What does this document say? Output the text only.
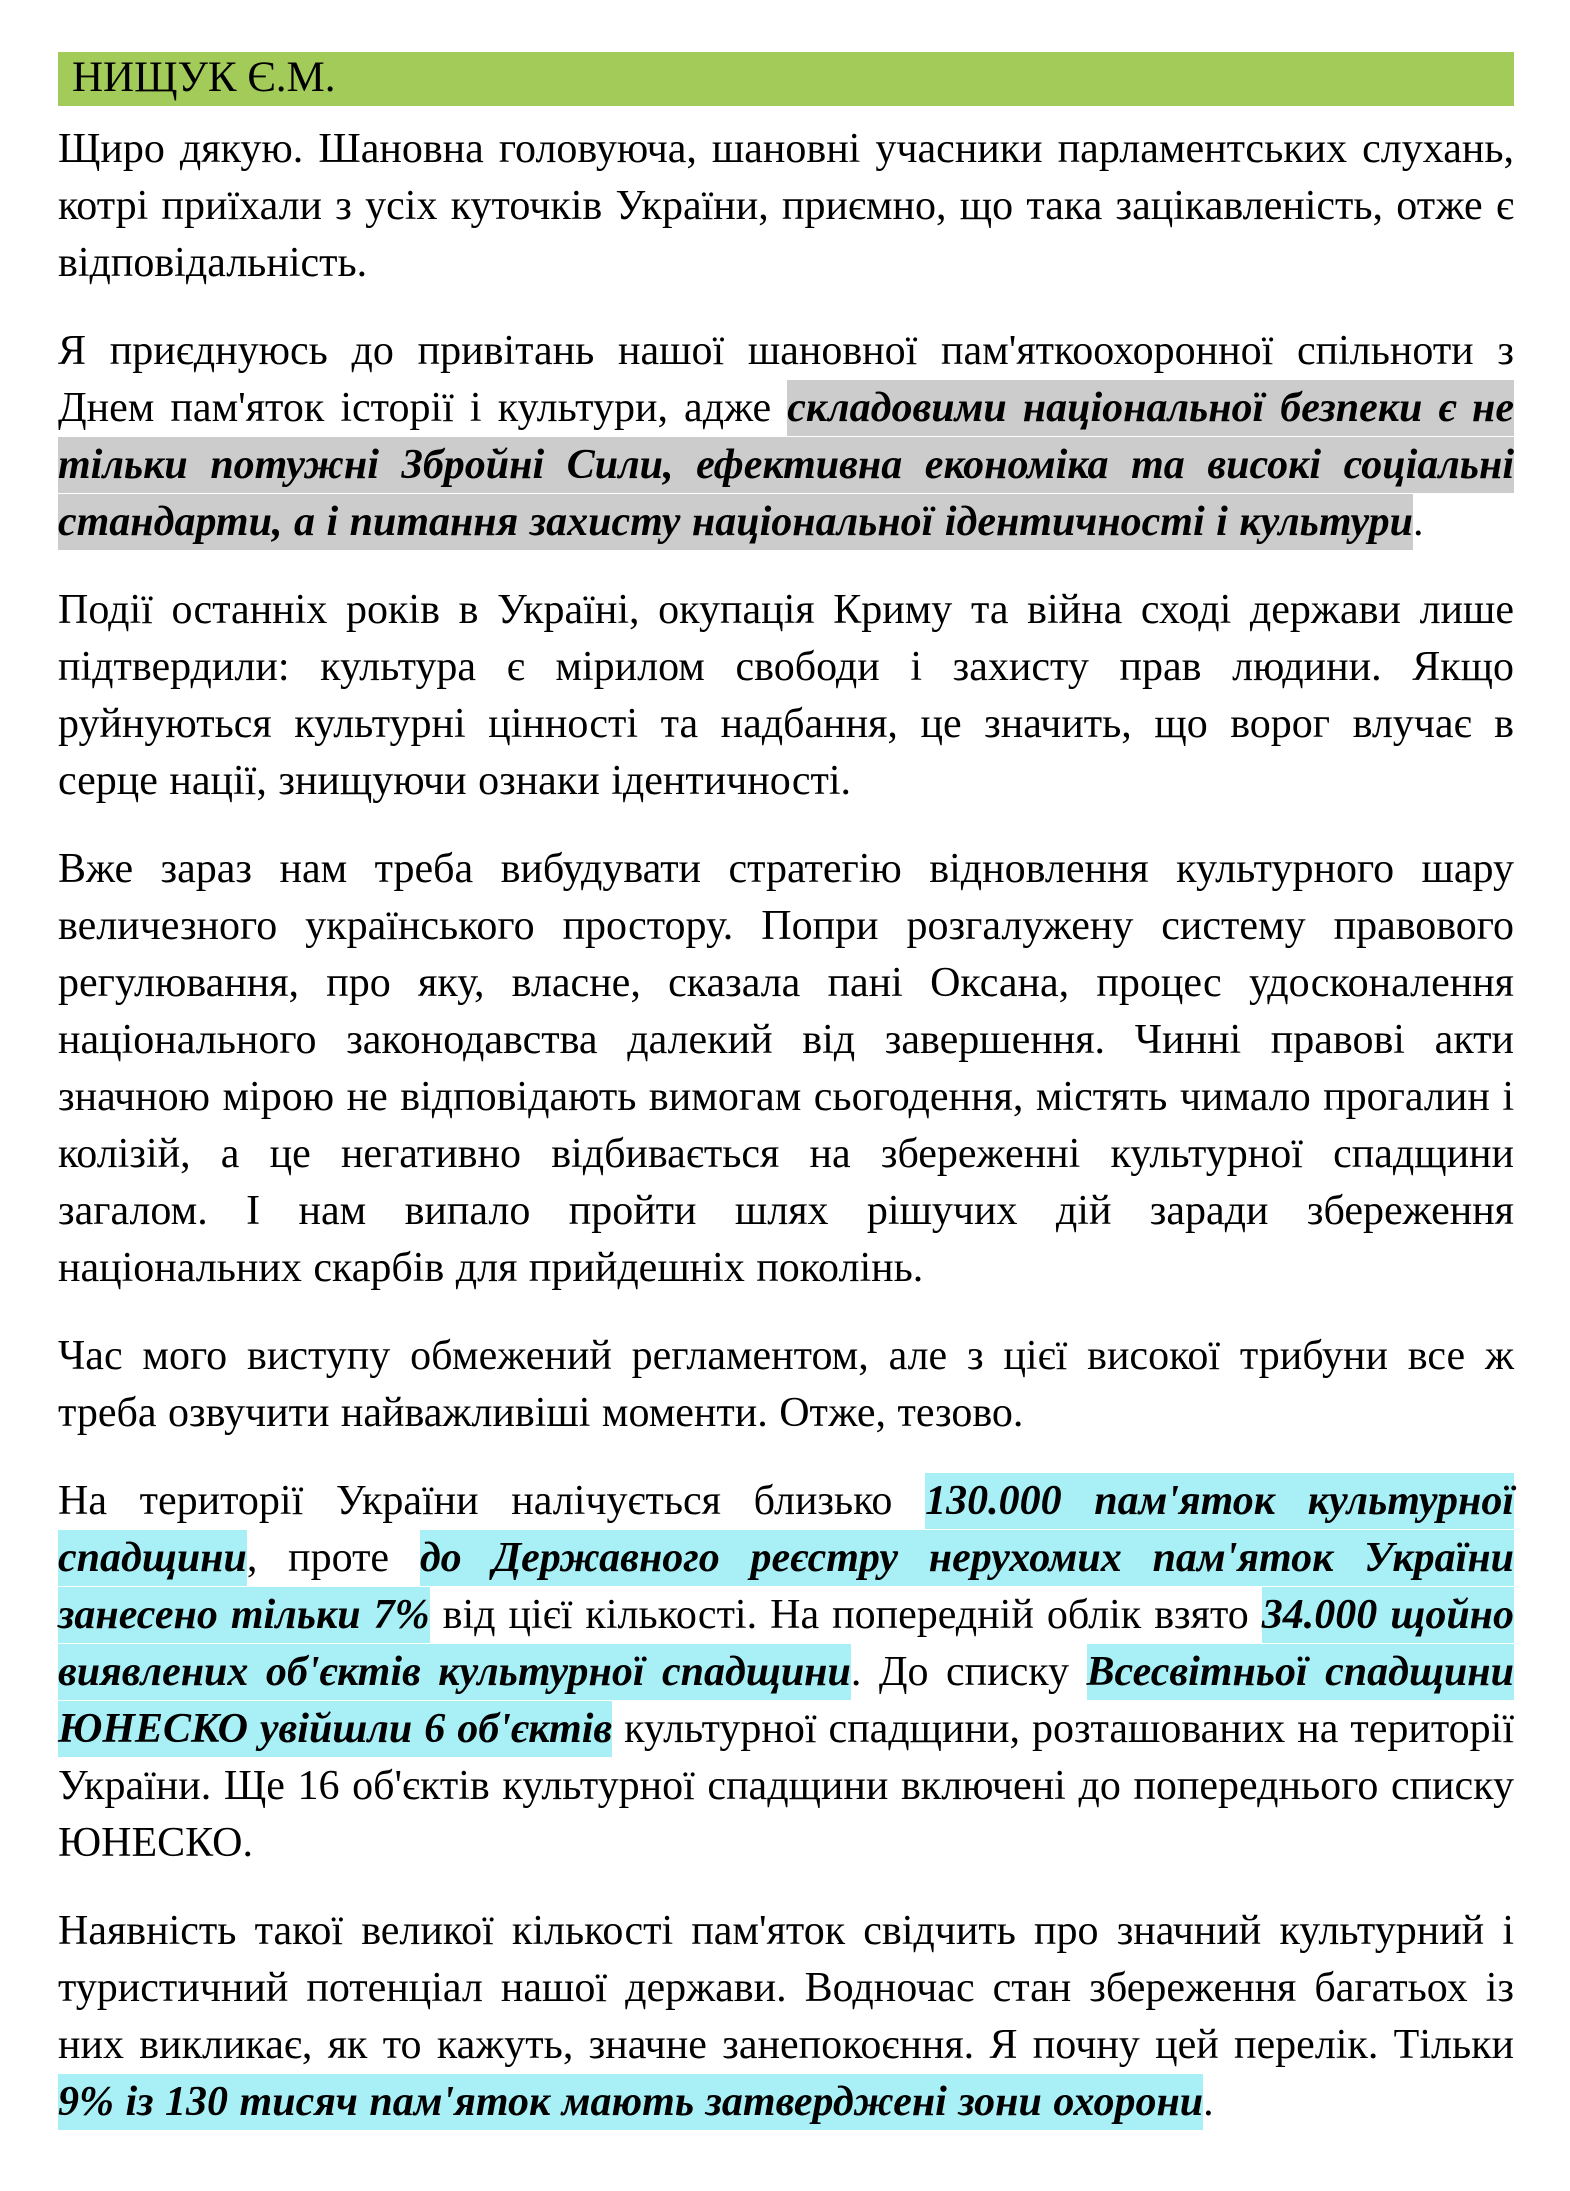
НИЩУК Є.М.

Щиро дякую. Шановна головуюча, шановні учасники парламентських слухань, котрі приїхали з усіх куточків України, приємно, що така зацікавленість, отже є відповідальність.

Я приєднуюсь до привітань нашої шановної пам'яткоохоронної спільноти з Днем пам'яток історії і культури, адже складовими національної безпеки є не тільки потужні Збройні Сили, ефективна економіка та високі соціальні стандарти, а і питання захисту національної ідентичності і культури.

Події останніх років в Україні, окупація Криму та війна сході держави лише підтвердили: культура є мірилом свободи і захисту прав людини. Якщо руйнуються культурні цінності та надбання, це значить, що ворог влучає в серце нації, знищуючи ознаки ідентичності.

Вже зараз нам треба вибудувати стратегію відновлення культурного шару величезного українського простору. Попри розгалужену систему правового регулювання, про яку, власне, сказала пані Оксана, процес удосконалення національного законодавства далекий від завершення. Чинні правові акти значною мірою не відповідають вимогам сьогодення, містять чимало прогалин і колізій, а це негативно відбивається на збереженні культурної спадщини загалом. І нам випало пройти шлях рішучих дій заради збереження національних скарбів для прийдешніх поколінь.

Час мого виступу обмежений регламентом, але з цієї високої трибуни все ж треба озвучити найважливіші моменти. Отже, тезово.

На території України налічується близько 130.000 пам'яток культурної спадщини, проте до Державного реєстру нерухомих пам'яток України занесено тільки 7% від цієї кількості. На попередній облік взято 34.000 щойно виявлених об'єктів культурної спадщини. До списку Всесвітньої спадщини ЮНЕСКО увійшли 6 об'єктів культурної спадщини, розташованих на території України. Ще 16 об'єктів культурної спадщини включені до попереднього списку ЮНЕСКО.

Наявність такої великої кількості пам'яток свідчить про значний культурний і туристичний потенціал нашої держави. Водночас стан збереження багатьох із них викликає, як то кажуть, значне занепокоєння. Я почну цей перелік. Тільки 9% із 130 тисяч пам'яток мають затверджені зони охорони.
